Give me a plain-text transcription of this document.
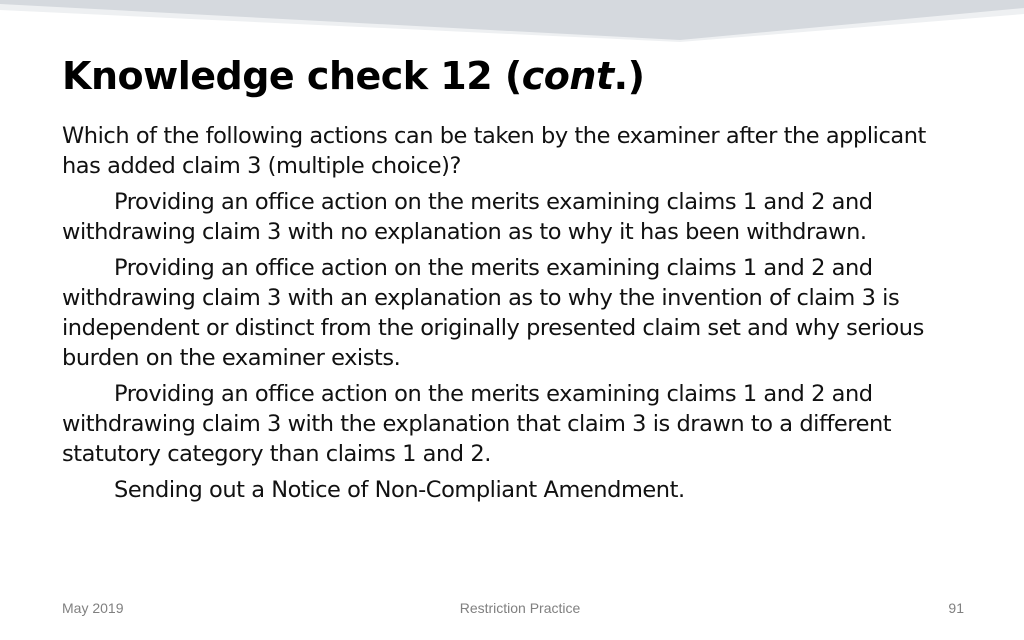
Knowledge check 12 (cont.)

Which of the following actions can be taken by the examiner after the applicant has added claim 3 (multiple choice)?

Providing an office action on the merits examining claims 1 and 2 and withdrawing claim 3 with no explanation as to why it has been withdrawn.

Providing an office action on the merits examining claims 1 and 2 and withdrawing claim 3 with an explanation as to why the invention of claim 3 is independent or distinct from the originally presented claim set and why serious burden on the examiner exists.

Providing an office action on the merits examining claims 1 and 2 and withdrawing claim 3 with the explanation that claim 3 is drawn to a different statutory category than claims 1 and 2.

Sending out a Notice of Non-Compliant Amendment.

May 2019	Restriction Practice	91
